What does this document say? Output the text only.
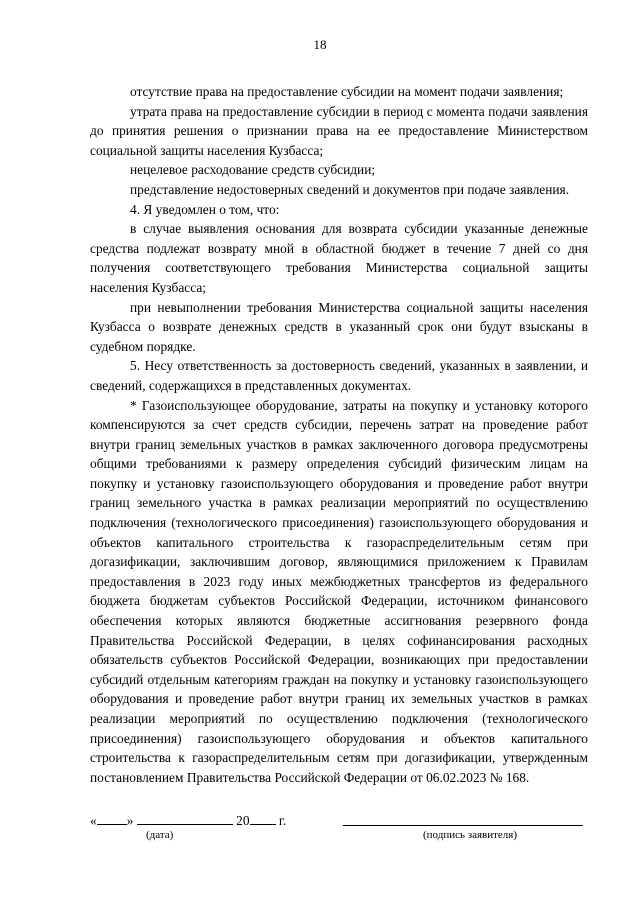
18

отсутствие права на предоставление субсидии на момент подачи заявления;

утрата права на предоставление субсидии в период с момента подачи заявления до принятия решения о признании права на ее предоставление Министерством социальной защиты населения Кузбасса;

нецелевое расходование средств субсидии;

представление недостоверных сведений и документов при подаче заявления.

4. Я уведомлен о том, что:

в случае выявления основания для возврата субсидии указанные денежные средства подлежат возврату мной в областной бюджет в течение 7 дней со дня получения соответствующего требования Министерства социальной защиты населения Кузбасса;

при невыполнении требования Министерства социальной защиты населения Кузбасса о возврате денежных средств в указанный срок они будут взысканы в судебном порядке.

5. Несу ответственность за достоверность сведений, указанных в заявлении, и сведений, содержащихся в представленных документах.

* Газоиспользующее оборудование, затраты на покупку и установку которого компенсируются за счет средств субсидии, перечень затрат на проведение работ внутри границ земельных участков в рамках заключенного договора предусмотрены общими требованиями к размеру определения субсидий физическим лицам на покупку и установку газоиспользующего оборудования и проведение работ внутри границ земельного участка в рамках реализации мероприятий по осуществлению подключения (технологического присоединения) газоиспользующего оборудования и объектов капитального строительства к газораспределительным сетям при догазификации, заключившим договор, являющимися приложением к Правилам предоставления в 2023 году иных межбюджетных трансфертов из федерального бюджета бюджетам субъектов Российской Федерации, источником финансового обеспечения которых являются бюджетные ассигнования резервного фонда Правительства Российской Федерации, в целях софинансирования расходных обязательств субъектов Российской Федерации, возникающих при предоставлении субсидий отдельным категориям граждан на покупку и установку газоиспользующего оборудования и проведение работ внутри границ их земельных участков в рамках реализации мероприятий по осуществлению подключения (технологического присоединения) газоиспользующего оборудования и объектов капитального строительства к газораспределительным сетям при догазификации, утвержденным постановлением Правительства Российской Федерации от 06.02.2023 № 168.

« »	20 г.
(дата)	(подпись заявителя)
